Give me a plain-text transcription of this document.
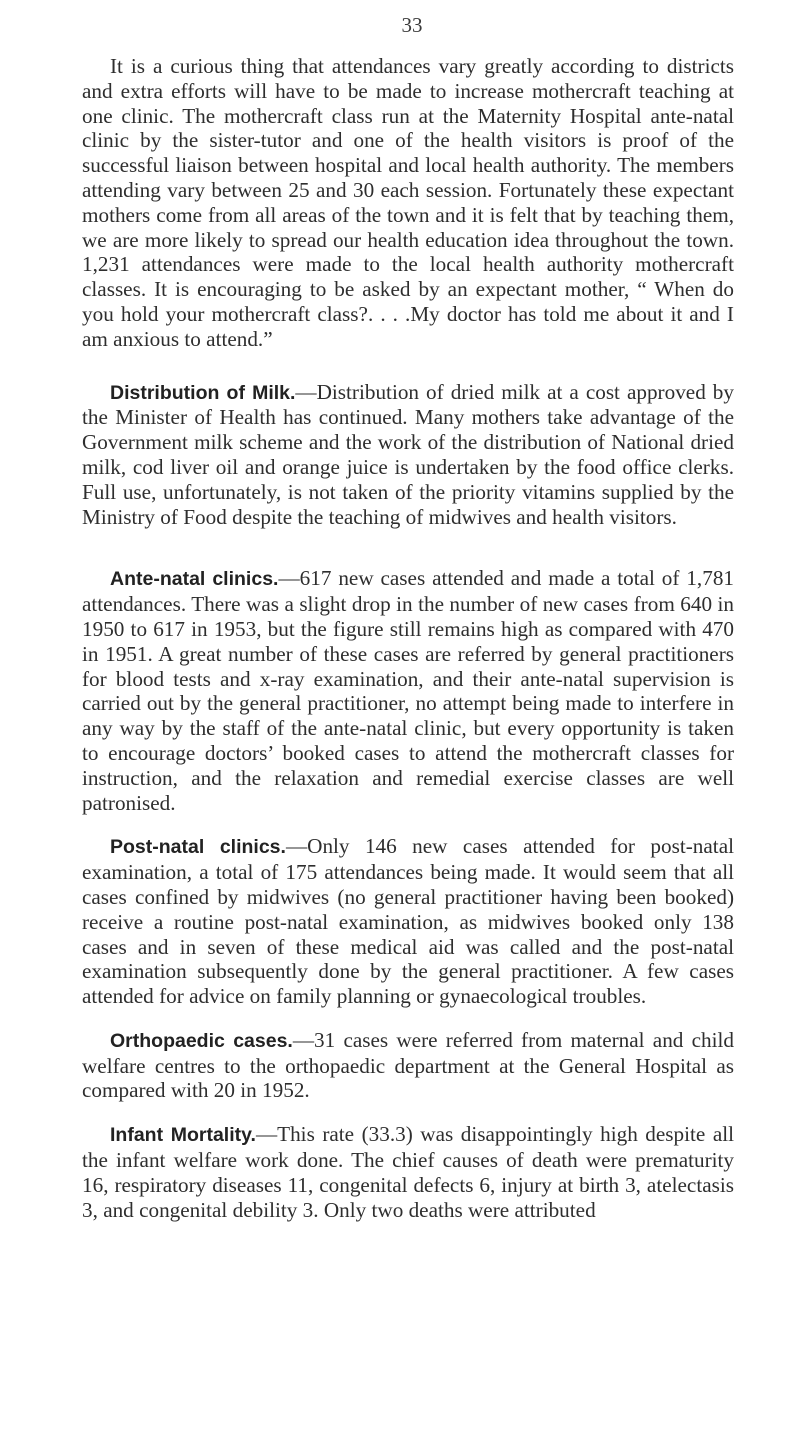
33

It is a curious thing that attendances vary greatly according to districts and extra efforts will have to be made to increase mothercraft teaching at one clinic. The mothercraft class run at the Maternity Hospital ante-natal clinic by the sister-tutor and one of the health visitors is proof of the successful liaison between hospital and local health authority. The members attending vary between 25 and 30 each session. Fortunately these expectant mothers come from all areas of the town and it is felt that by teaching them, we are more likely to spread our health education idea throughout the town. 1,231 attendances were made to the local health authority mothercraft classes. It is encouraging to be asked by an expectant mother, “ When do you hold your mothercraft class?. . . .My doctor has told me about it and I am anxious to attend.”

Distribution of Milk.—Distribution of dried milk at a cost approved by the Minister of Health has continued. Many mothers take advantage of the Government milk scheme and the work of the distribution of National dried milk, cod liver oil and orange juice is undertaken by the food office clerks. Full use, unfortunately, is not taken of the priority vitamins supplied by the Ministry of Food despite the teaching of midwives and health visitors.

Ante-natal clinics.—617 new cases attended and made a total of 1,781 attendances. There was a slight drop in the number of new cases from 640 in 1950 to 617 in 1953, but the figure still remains high as compared with 470 in 1951. A great number of these cases are referred by general practitioners for blood tests and x-ray examination, and their ante-natal supervision is carried out by the general practitioner, no attempt being made to interfere in any way by the staff of the ante-natal clinic, but every opportunity is taken to encourage doctors’ booked cases to attend the mothercraft classes for instruction, and the relaxation and remedial exercise classes are well patronised.

Post-natal clinics.—Only 146 new cases attended for post-natal examination, a total of 175 attendances being made. It would seem that all cases confined by midwives (no general practitioner having been booked) receive a routine post-natal examination, as midwives booked only 138 cases and in seven of these medical aid was called and the post-natal examination subsequently done by the general practitioner. A few cases attended for advice on family planning or gynaecological troubles.

Orthopaedic cases.—31 cases were referred from maternal and child welfare centres to the orthopaedic department at the General Hospital as compared with 20 in 1952.

Infant Mortality.—This rate (33.3) was disappointingly high despite all the infant welfare work done. The chief causes of death were prematurity 16, respiratory diseases 11, congenital defects 6, injury at birth 3, atelectasis 3, and congenital debility 3. Only two deaths were attributed
